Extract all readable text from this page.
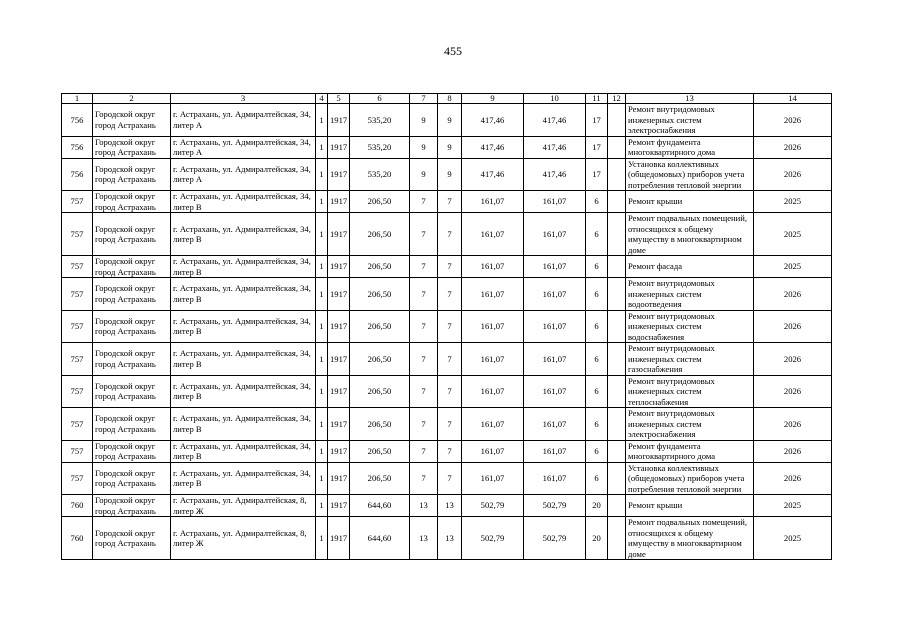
455
1	2	3	4	5	6	7	8	9	10	11	12	13	14
756	Городской округ город Астрахань	г. Астрахань, ул. Адмиралтейская, 34, литер А	1	1917	535,20	9	9	417,46	417,46	17		Ремонт внутридомовых инженерных систем электроснабжения	2026
756	Городской округ город Астрахань	г. Астрахань, ул. Адмиралтейская, 34, литер А	1	1917	535,20	9	9	417,46	417,46	17		Ремонт фундамента многоквартирного дома	2026
756	Городской округ город Астрахань	г. Астрахань, ул. Адмиралтейская, 34, литер А	1	1917	535,20	9	9	417,46	417,46	17		Установка коллективных (общедомовых) приборов учета потребления тепловой энергии	2026
757	Городской округ город Астрахань	г. Астрахань, ул. Адмиралтейская, 34, литер В	1	1917	206,50	7	7	161,07	161,07	6		Ремонт крыши	2025
757	Городской округ город Астрахань	г. Астрахань, ул. Адмиралтейская, 34, литер В	1	1917	206,50	7	7	161,07	161,07	6		Ремонт подвальных помещений, относящихся к общему имуществу в многоквартирном доме	2025
757	Городской округ город Астрахань	г. Астрахань, ул. Адмиралтейская, 34, литер В	1	1917	206,50	7	7	161,07	161,07	6		Ремонт фасада	2025
757	Городской округ город Астрахань	г. Астрахань, ул. Адмиралтейская, 34, литер В	1	1917	206,50	7	7	161,07	161,07	6		Ремонт внутридомовых инженерных систем водоотведения	2026
757	Городской округ город Астрахань	г. Астрахань, ул. Адмиралтейская, 34, литер В	1	1917	206,50	7	7	161,07	161,07	6		Ремонт внутридомовых инженерных систем водоснабжения	2026
757	Городской округ город Астрахань	г. Астрахань, ул. Адмиралтейская, 34, литер В	1	1917	206,50	7	7	161,07	161,07	6		Ремонт внутридомовых инженерных систем газоснабжения	2026
757	Городской округ город Астрахань	г. Астрахань, ул. Адмиралтейская, 34, литер В	1	1917	206,50	7	7	161,07	161,07	6		Ремонт внутридомовых инженерных систем теплоснабжения	2026
757	Городской округ город Астрахань	г. Астрахань, ул. Адмиралтейская, 34, литер В	1	1917	206,50	7	7	161,07	161,07	6		Ремонт внутридомовых инженерных систем электроснабжения	2026
757	Городской округ город Астрахань	г. Астрахань, ул. Адмиралтейская, 34, литер В	1	1917	206,50	7	7	161,07	161,07	6		Ремонт фундамента многоквартирного дома	2026
757	Городской округ город Астрахань	г. Астрахань, ул. Адмиралтейская, 34, литер В	1	1917	206,50	7	7	161,07	161,07	6		Установка коллективных (общедомовых) приборов учета потребления тепловой энергии	2026
760	Городской округ город Астрахань	г. Астрахань, ул. Адмиралтейская, 8, литер Ж	1	1917	644,60	13	13	502,79	502,79	20		Ремонт крыши	2025
760	Городской округ город Астрахань	г. Астрахань, ул. Адмиралтейская, 8, литер Ж	1	1917	644,60	13	13	502,79	502,79	20		Ремонт подвальных помещений, относящихся к общему имуществу в многоквартирном доме	2025
